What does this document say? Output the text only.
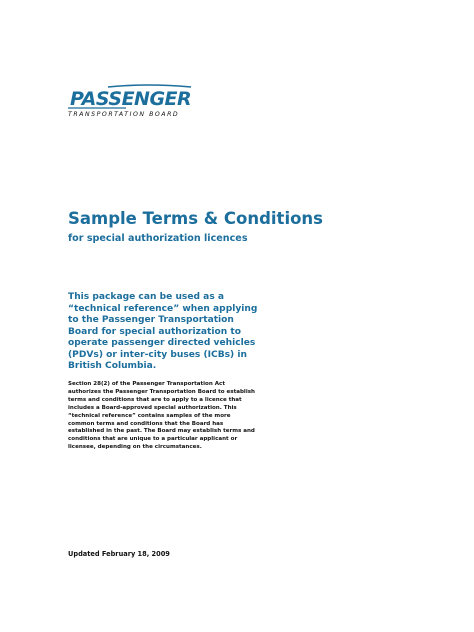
PASSENGER
TRANSPORTATION BOARD
Sample Terms & Conditions
for special authorization licences

This package can be used as a “technical reference” when applying to the Passenger Transportation Board for special authorization to operate passenger directed vehicles (PDVs) or inter-city buses (ICBs) in British Columbia.

Section 28(2) of the Passenger Transportation Act authorizes the Passenger Transportation Board to establish terms and conditions that are to apply to a licence that includes a Board-approved special authorization. This “technical reference” contains samples of the more common terms and conditions that the Board has established in the past. The Board may establish terms and conditions that are unique to a particular applicant or licensee, depending on the circumstances.

Updated February 18, 2009
